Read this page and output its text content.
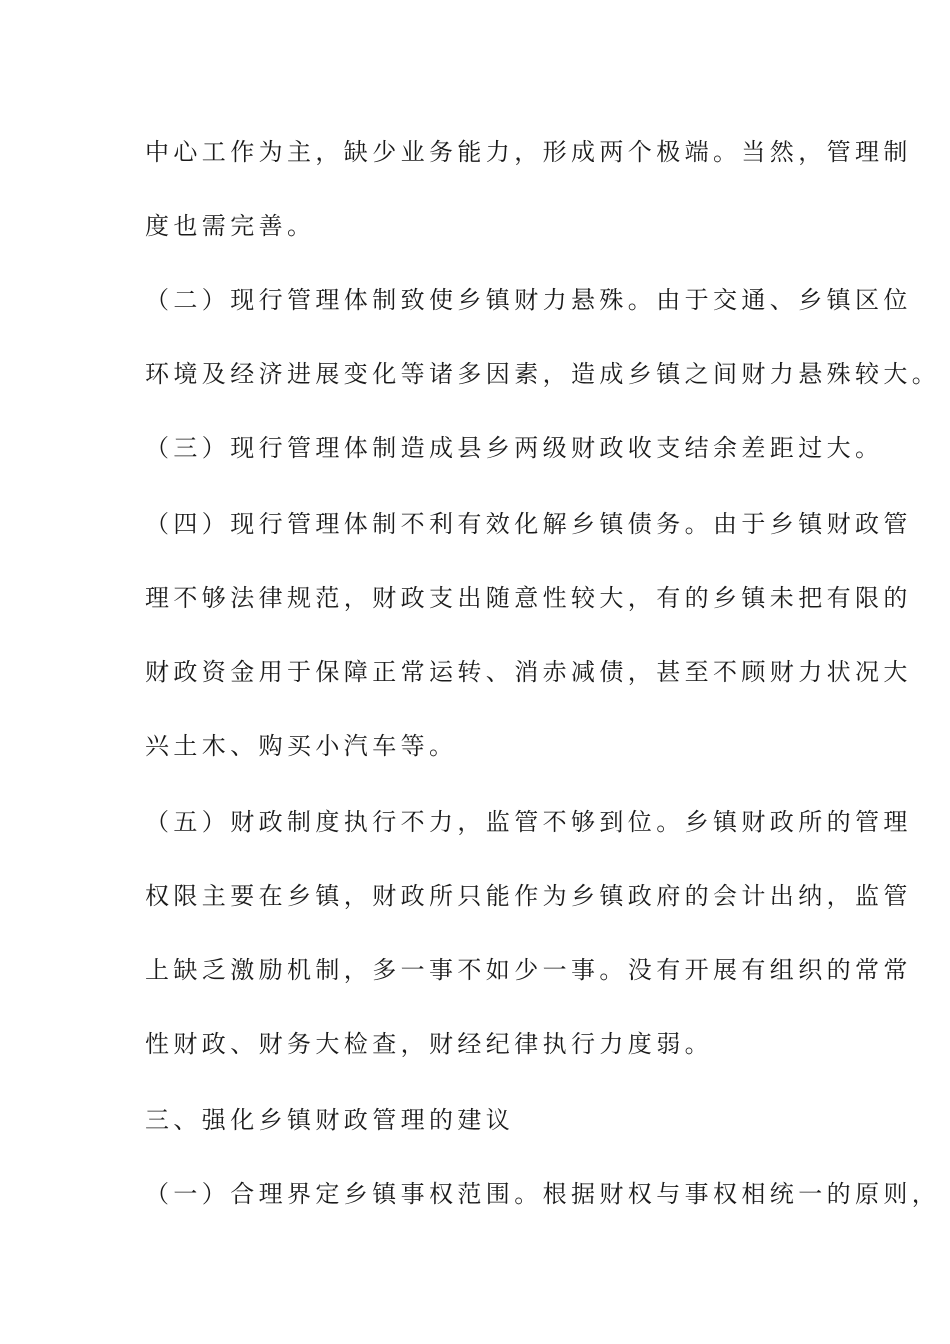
中心工作为主，缺少业务能力，形成两个极端。当然，管理制
度也需完善。
（二）现行管理体制致使乡镇财力悬殊。由于交通、乡镇区位
环境及经济进展变化等诸多因素，造成乡镇之间财力悬殊较大。
（三）现行管理体制造成县乡两级财政收支结余差距过大。
（四）现行管理体制不利有效化解乡镇债务。由于乡镇财政管
理不够法律规范，财政支出随意性较大，有的乡镇未把有限的
财政资金用于保障正常运转、消赤减债，甚至不顾财力状况大
兴土木、购买小汽车等。
（五）财政制度执行不力，监管不够到位。乡镇财政所的管理
权限主要在乡镇，财政所只能作为乡镇政府的会计出纳，监管
上缺乏激励机制，多一事不如少一事。没有开展有组织的常常
性财政、财务大检查，财经纪律执行力度弱。
三、强化乡镇财政管理的建议
（一）合理界定乡镇事权范围。根据财权与事权相统一的原则，
